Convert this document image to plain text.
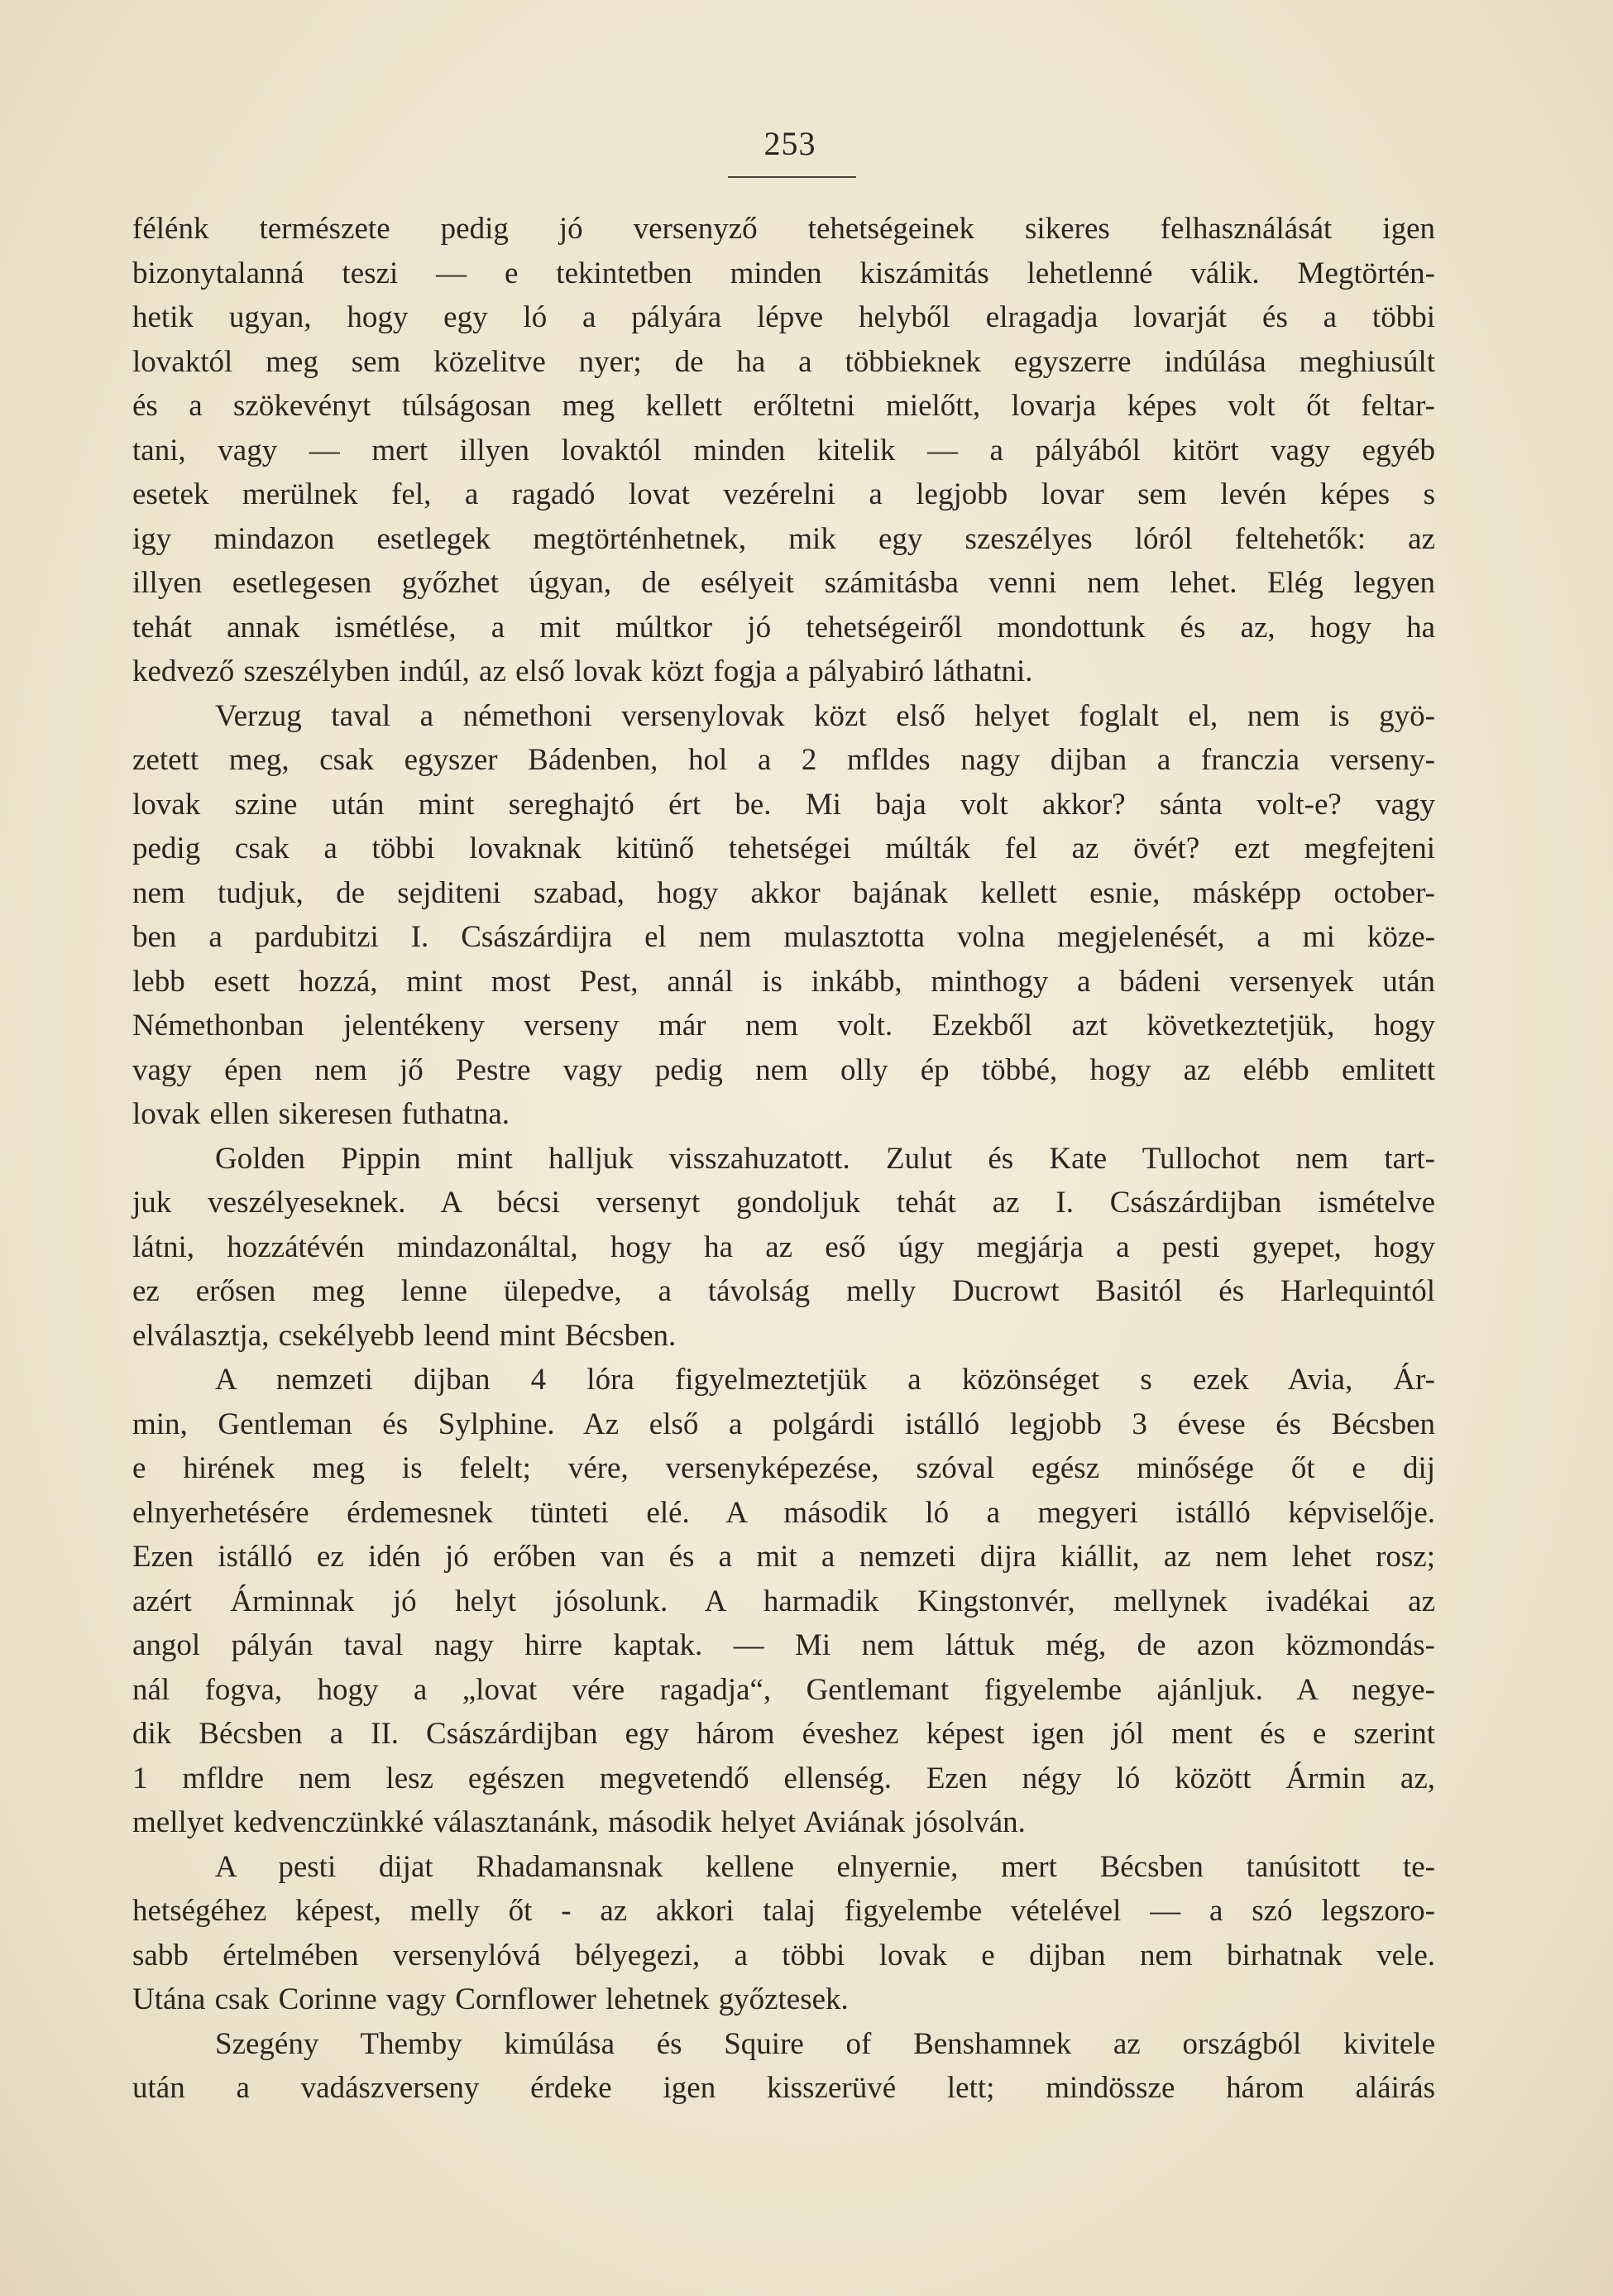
253
félénk természete pedig jó versenyző tehetségeinek sikeres felhasználását igen
bizonytalanná teszi — e tekintetben minden kiszámitás lehetlenné válik. Megtörtén-
hetik ugyan, hogy egy ló a pályára lépve helyből elragadja lovarját és a többi
lovaktól meg sem közelitve nyer; de ha a többieknek egyszerre indúlása meghiusúlt
és a szökevényt túlságosan meg kellett erőltetni mielőtt, lovarja képes volt őt feltar-
tani, vagy — mert illyen lovaktól minden kitelik — a pályából kitört vagy egyéb
esetek merülnek fel, a ragadó lovat vezérelni a legjobb lovar sem levén képes s
igy mindazon esetlegek megtörténhetnek, mik egy szeszélyes lóról feltehetők: az
illyen esetlegesen győzhet úgyan, de esélyeit számitásba venni nem lehet. Elég legyen
tehát annak ismétlése, a mit múltkor jó tehetségeiről mondottunk és az, hogy ha
kedvező szeszélyben indúl, az első lovak közt fogja a pályabiró láthatni.
Verzug taval a némethoni versenylovak közt első helyet foglalt el, nem is gyö-
zetett meg, csak egyszer Bádenben, hol a 2 mfldes nagy dijban a franczia verseny-
lovak szine után mint sereghajtó ért be. Mi baja volt akkor? sánta volt-e? vagy
pedig csak a többi lovaknak kitünő tehetségei múlták fel az övét? ezt megfejteni
nem tudjuk, de sejditeni szabad, hogy akkor bajának kellett esnie, másképp october-
ben a pardubitzi I. Császárdijra el nem mulasztotta volna megjelenését, a mi köze-
lebb esett hozzá, mint most Pest, annál is inkább, minthogy a bádeni versenyek után
Némethonban jelentékeny verseny már nem volt. Ezekből azt következtetjük, hogy
vagy épen nem jő Pestre vagy pedig nem olly ép többé, hogy az elébb emlitett
lovak ellen sikeresen futhatna.
Golden Pippin mint halljuk visszahuzatott. Zulut és Kate Tullochot nem tart-
juk veszélyeseknek. A bécsi versenyt gondoljuk tehát az I. Császárdijban ismételve
látni, hozzátévén mindazonáltal, hogy ha az eső úgy megjárja a pesti gyepet, hogy
ez erősen meg lenne ülepedve, a távolság melly Ducrowt Basitól és Harlequintól
elválasztja, csekélyebb leend mint Bécsben.
A nemzeti dijban 4 lóra figyelmeztetjük a közönséget s ezek Avia, Ár-
min, Gentleman és Sylphine. Az első a polgárdi istálló legjobb 3 évese és Bécsben
e hirének meg is felelt; vére, versenyképezése, szóval egész minősége őt e dij
elnyerhetésére érdemesnek tünteti elé. A második ló a megyeri istálló képviselője.
Ezen istálló ez idén jó erőben van és a mit a nemzeti dijra kiállit, az nem lehet rosz;
azért Árminnak jó helyt jósolunk. A harmadik Kingstonvér, mellynek ivadékai az
angol pályán taval nagy hirre kaptak. — Mi nem láttuk még, de azon közmondás-
nál fogva, hogy a „lovat vére ragadja“, Gentlemant figyelembe ajánljuk. A negye-
dik Bécsben a II. Császárdijban egy három éveshez képest igen jól ment és e szerint
1 mfldre nem lesz egészen megvetendő ellenség. Ezen négy ló között Ármin az,
mellyet kedvenczünkké választanánk, második helyet Aviának jósolván.
A pesti dijat Rhadamansnak kellene elnyernie, mert Bécsben tanúsitott te-
hetségéhez képest, melly őt - az akkori talaj figyelembe vételével — a szó legszoro-
sabb értelmében versenylóvá bélyegezi, a többi lovak e dijban nem birhatnak vele.
Utána csak Corinne vagy Cornflower lehetnek győztesek.
Szegény Themby kimúlása és Squire of Benshamnek az országból kivitele
után a vadászverseny érdeke igen kisszerüvé lett; mindössze három aláirás
